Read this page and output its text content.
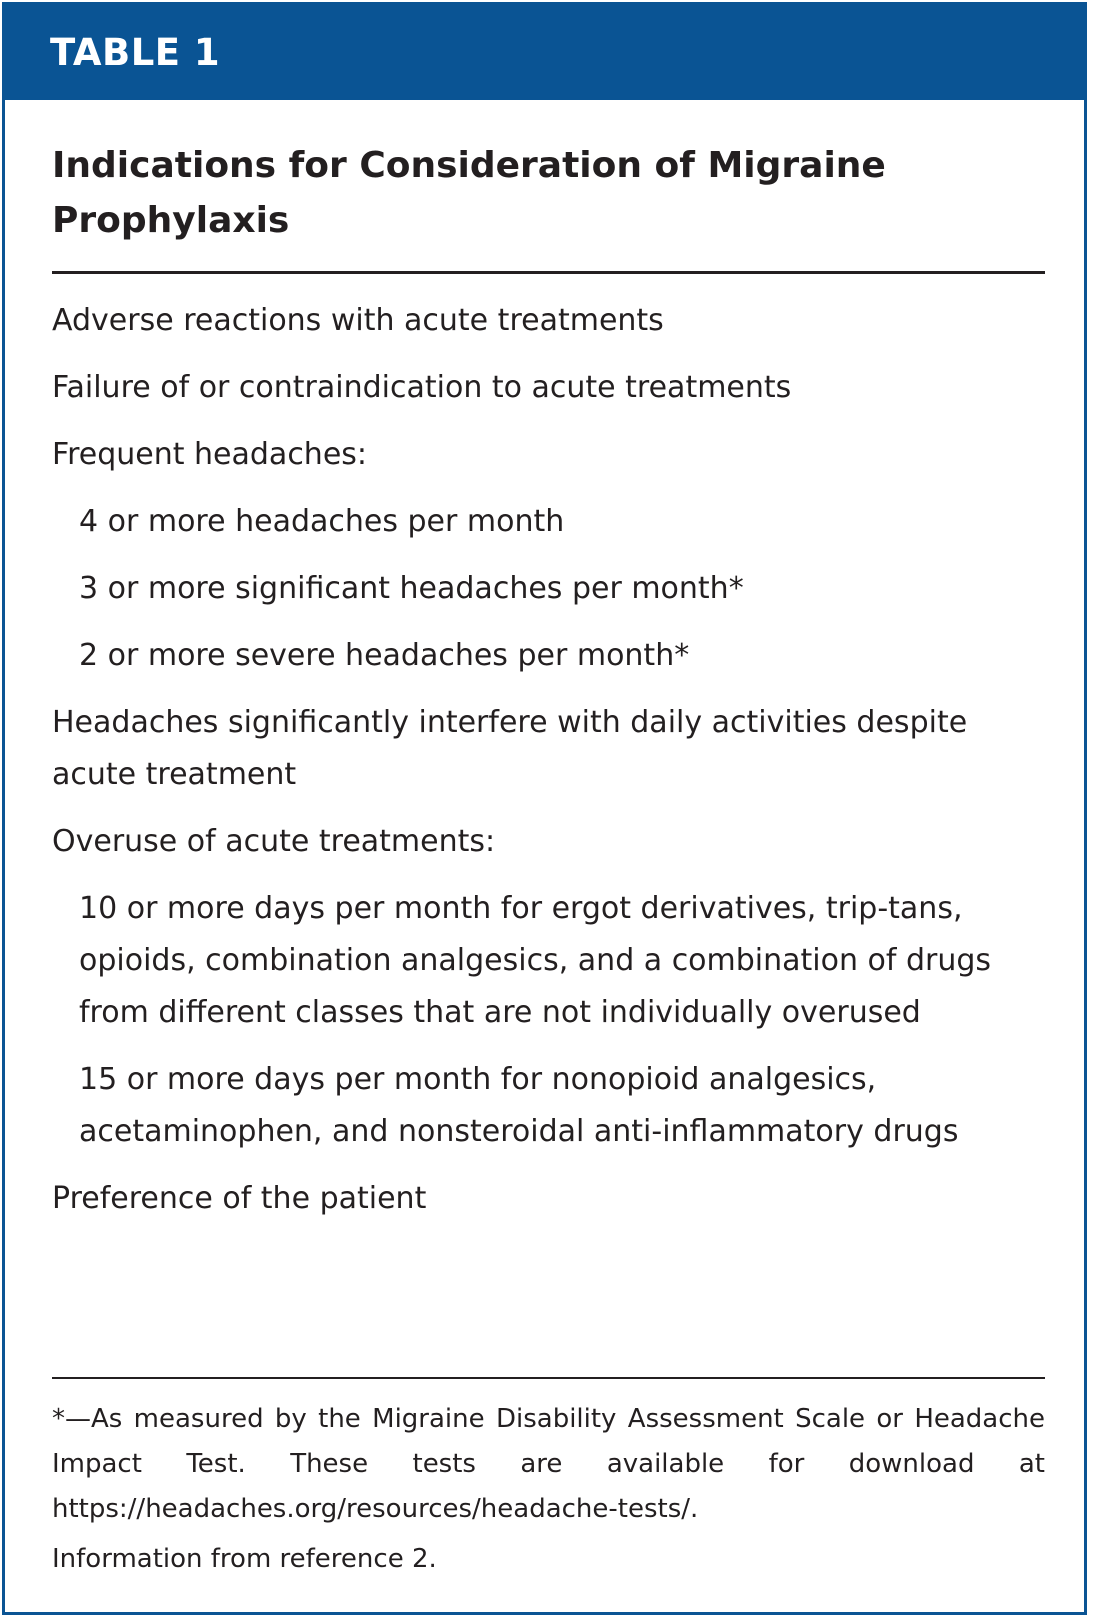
TABLE 1
Indications for Consideration of Migraine Prophylaxis
Adverse reactions with acute treatments
Failure of or contraindication to acute treatments
Frequent headaches:
4 or more headaches per month
3 or more significant headaches per month*
2 or more severe headaches per month*
Headaches significantly interfere with daily activities despite acute treatment
Overuse of acute treatments:
10 or more days per month for ergot derivatives, trip-tans, opioids, combination analgesics, and a combination of drugs from different classes that are not individually overused
15 or more days per month for nonopioid analgesics, acetaminophen, and nonsteroidal anti-inflammatory drugs
Preference of the patient
*—As measured by the Migraine Disability Assessment Scale or Headache Impact Test. These tests are available for download at https://headaches.org/resources/headache-tests/.
Information from reference 2.
